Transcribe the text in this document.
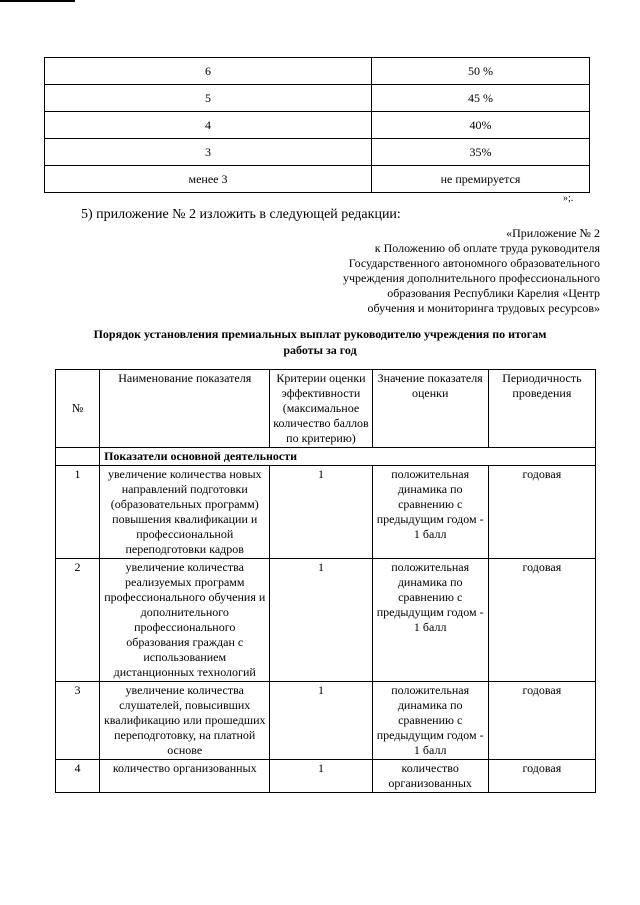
6	50 %
5	45 %
4	40%
3	35%
менее 3	не премируется
»;.
5) приложение № 2 изложить в следующей редакции:
«Приложение № 2
к Положению об оплате труда руководителя
Государственного автономного образовательного
учреждения дополнительного профессионального
образования Республики Карелия «Центр
обучения и мониторинга трудовых ресурсов»
Порядок установления премиальных выплат руководителю учреждения по итогам
работы за год
№	Наименование показателя	Критерии оценки эффективности (максимальное количество баллов по критерию)	Значение показателя оценки	Периодичность проведения
	Показатели основной деятельности			
1	увеличение количества новых направлений подготовки (образовательных программ) повышения квалификации и профессиональной переподготовки кадров	1	положительная динамика по сравнению с предыдущим годом - 1 балл	годовая
2	увеличение количества реализуемых программ профессионального обучения и дополнительного профессионального образования граждан с использованием дистанционных технологий	1	положительная динамика по сравнению с предыдущим годом - 1 балл	годовая
3	увеличение количества слушателей, повысивших квалификацию или прошедших переподготовку, на платной основе	1	положительная динамика по сравнению с предыдущим годом - 1 балл	годовая
4	количество организованных	1	количество организованных	годовая
